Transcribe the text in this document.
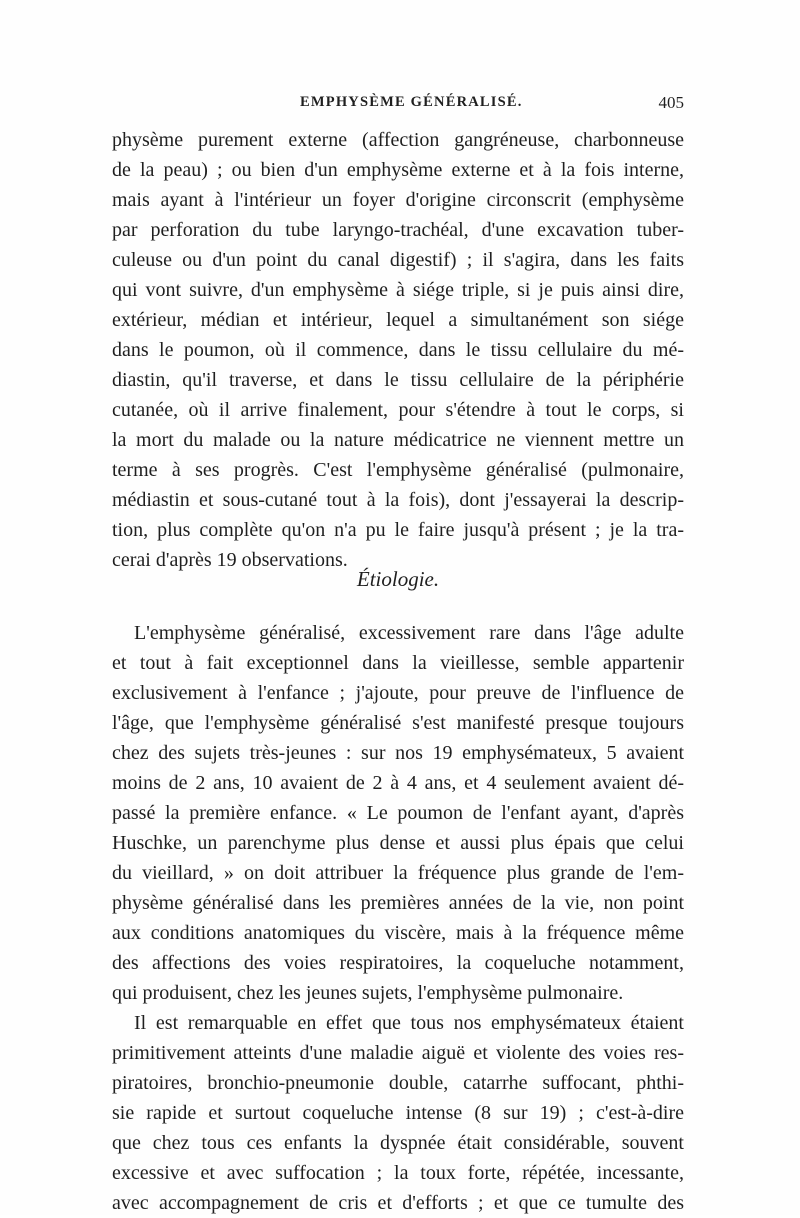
EMPHYSÈME GÉNÉRALISÉ.	405
physème purement externe (affection gangréneuse, charbonneuse
de la peau) ; ou bien d'un emphysème externe et à la fois interne,
mais ayant à l'intérieur un foyer d'origine circonscrit (emphysème
par perforation du tube laryngo-trachéal, d'une excavation tuber-
culeuse ou d'un point du canal digestif) ; il s'agira, dans les faits
qui vont suivre, d'un emphysème à siége triple, si je puis ainsi dire,
extérieur, médian et intérieur, lequel a simultanément son siége
dans le poumon, où il commence, dans le tissu cellulaire du mé-
diastin, qu'il traverse, et dans le tissu cellulaire de la périphérie
cutanée, où il arrive finalement, pour s'étendre à tout le corps, si
la mort du malade ou la nature médicatrice ne viennent mettre un
terme à ses progrès. C'est l'emphysème généralisé (pulmonaire,
médiastin et sous-cutané tout à la fois), dont j'essayerai la descrip-
tion, plus complète qu'on n'a pu le faire jusqu'à présent ; je la tra-
cerai d'après 19 observations.
Étiologie.
L'emphysème généralisé, excessivement rare dans l'âge adulte
et tout à fait exceptionnel dans la vieillesse, semble appartenir
exclusivement à l'enfance ; j'ajoute, pour preuve de l'influence de
l'âge, que l'emphysème généralisé s'est manifesté presque toujours
chez des sujets très-jeunes : sur nos 19 emphysémateux, 5 avaient
moins de 2 ans, 10 avaient de 2 à 4 ans, et 4 seulement avaient dé-
passé la première enfance. « Le poumon de l'enfant ayant, d'après
Huschke, un parenchyme plus dense et aussi plus épais que celui
du vieillard, » on doit attribuer la fréquence plus grande de l'em-
physème généralisé dans les premières années de la vie, non point
aux conditions anatomiques du viscère, mais à la fréquence même
des affections des voies respiratoires, la coqueluche notamment,
qui produisent, chez les jeunes sujets, l'emphysème pulmonaire.
Il est remarquable en effet que tous nos emphysémateux étaient
primitivement atteints d'une maladie aiguë et violente des voies res-
piratoires, bronchio-pneumonie double, catarrhe suffocant, phthi-
sie rapide et surtout coqueluche intense (8 sur 19) ; c'est-à-dire
que chez tous ces enfants la dyspnée était considérable, souvent
excessive et avec suffocation ; la toux forte, répétée, incessante,
avec accompagnement de cris et d'efforts ; et que ce tumulte des
